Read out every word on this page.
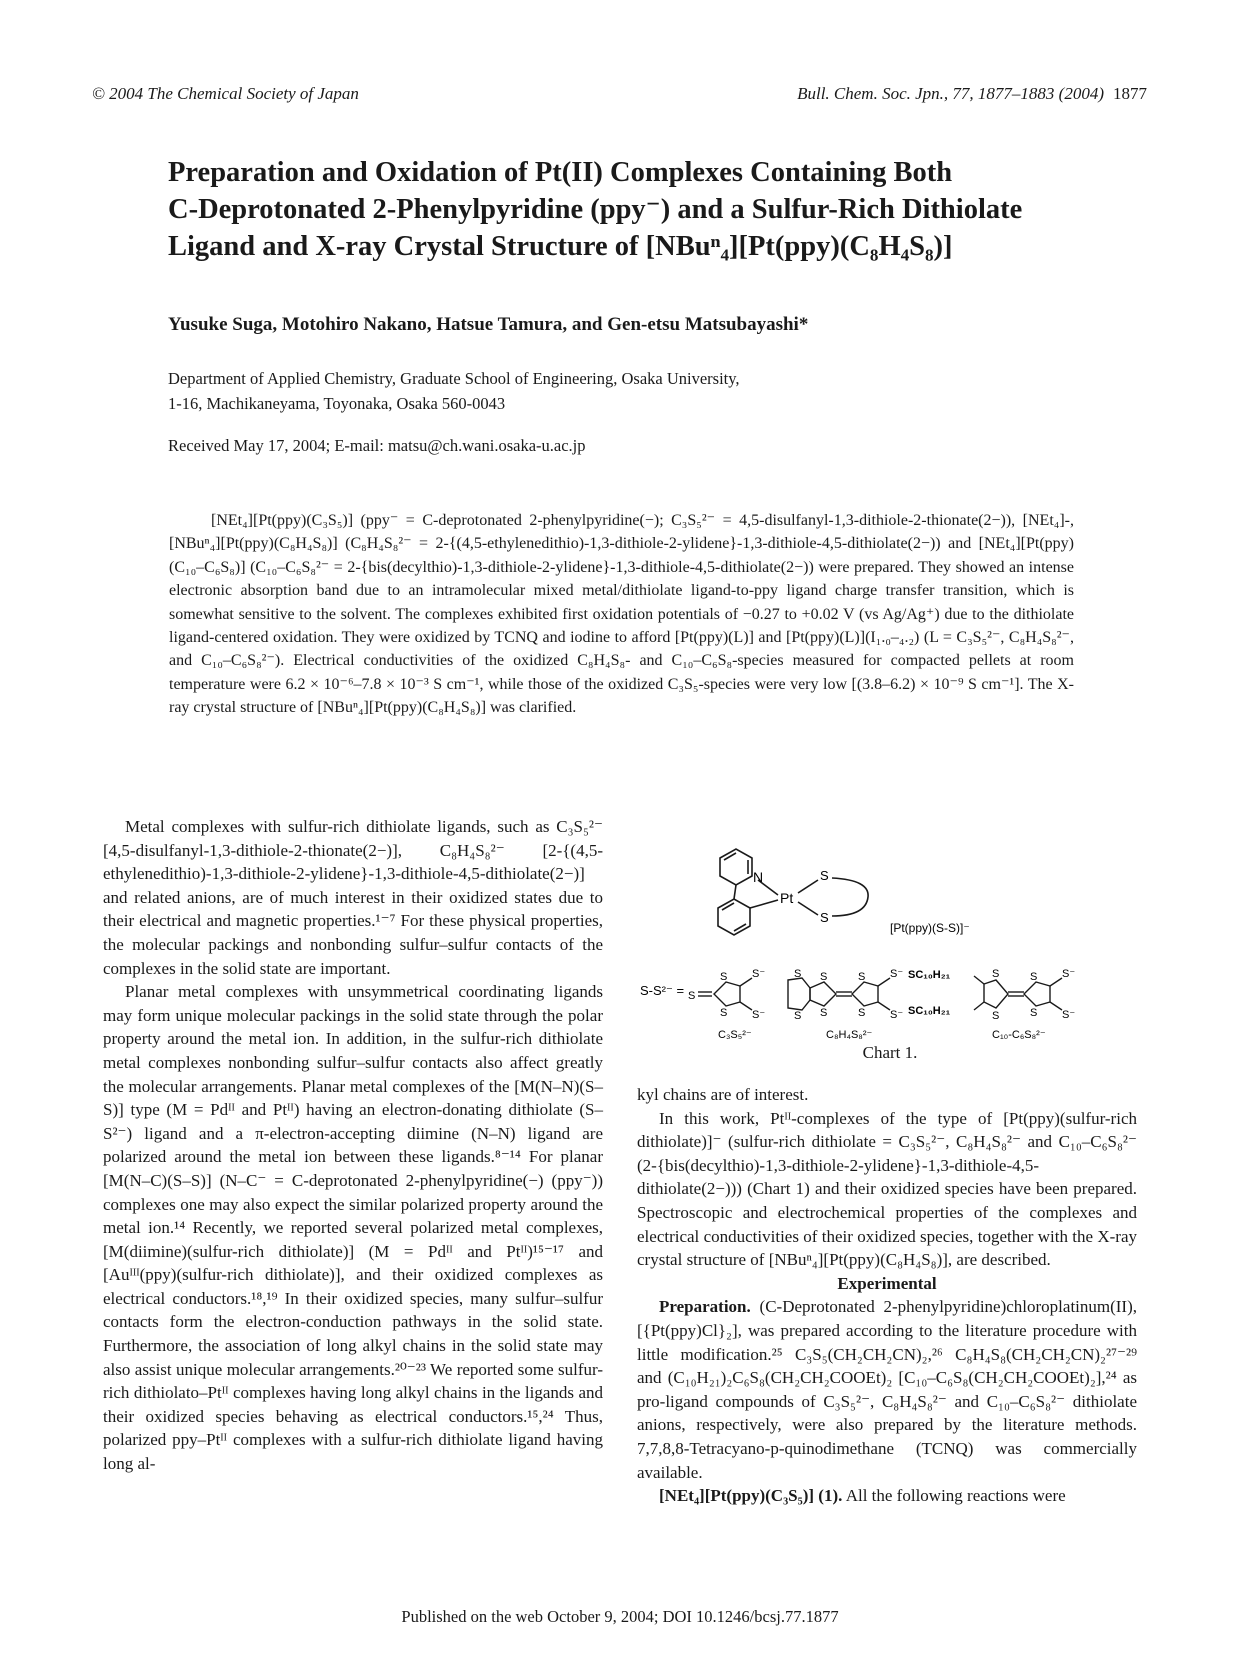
© 2004 The Chemical Society of Japan	Bull. Chem. Soc. Jpn., 77, 1877–1883 (2004) 1877
Preparation and Oxidation of Pt(II) Complexes Containing Both
C-Deprotonated 2-Phenylpyridine (ppy⁻) and a Sulfur-Rich Dithiolate
Ligand and X-ray Crystal Structure of [NBuⁿ₄][Pt(ppy)(C₈H₄S₈)]
Yusuke Suga, Motohiro Nakano, Hatsue Tamura, and Gen-etsu Matsubayashi*
Department of Applied Chemistry, Graduate School of Engineering, Osaka University,
1-16, Machikaneyama, Toyonaka, Osaka 560-0043
Received May 17, 2004; E-mail: matsu@ch.wani.osaka-u.ac.jp

[NEt₄][Pt(ppy)(C₃S₅)] (ppy⁻ = C-deprotonated 2-phenylpyridine(−); C₃S₅²⁻ = 4,5-disulfanyl-1,3-dithiole-2-thionate(2−)), [NEt₄]-, [NBuⁿ₄][Pt(ppy)(C₈H₄S₈)] (C₈H₄S₈²⁻ = 2-{(4,5-ethylenedithio)-1,3-dithiole-2-ylidene}-1,3-dithiole-4,5-dithiolate(2−)) and [NEt₄][Pt(ppy)(C₁₀–C₆S₈)] (C₁₀–C₆S₈²⁻ = 2-{bis(decylthio)-1,3-dithiole-2-ylidene}-1,3-dithiole-4,5-dithiolate(2−)) were prepared. They showed an intense electronic absorption band due to an intramolecular mixed metal/dithiolate ligand-to-ppy ligand charge transfer transition, which is somewhat sensitive to the solvent. The complexes exhibited first oxidation potentials of −0.27 to +0.02 V (vs Ag/Ag⁺) due to the dithiolate ligand-centered oxidation. They were oxidized by TCNQ and iodine to afford [Pt(ppy)(L)] and [Pt(ppy)(L)](I₁.₀–₄.₂) (L = C₃S₅²⁻, C₈H₄S₈²⁻, and C₁₀–C₆S₈²⁻). Electrical conductivities of the oxidized C₈H₄S₈- and C₁₀–C₆S₈-species measured for compacted pellets at room temperature were 6.2 × 10⁻⁶–7.8 × 10⁻³ S cm⁻¹, while those of the oxidized C₃S₅-species were very low [(3.8–6.2) × 10⁻⁹ S cm⁻¹]. The X-ray crystal structure of [NBuⁿ₄][Pt(ppy)(C₈H₄S₈)] was clarified.

Metal complexes with sulfur-rich dithiolate ligands, such as C₃S₅²⁻ [4,5-disulfanyl-1,3-dithiole-2-thionate(2−)], C₈H₄S₈²⁻ [2-{(4,5-ethylenedithio)-1,3-dithiole-2-ylidene}-1,3-dithiole-4,5-dithiolate(2−)] and related anions, are of much interest in their oxidized states due to their electrical and magnetic properties.¹⁻⁷ For these physical properties, the molecular packings and nonbonding sulfur–sulfur contacts of the complexes in the solid state are important.

Planar metal complexes with unsymmetrical coordinating ligands may form unique molecular packings in the solid state through the polar property around the metal ion. In addition, in the sulfur-rich dithiolate metal complexes nonbonding sulfur–sulfur contacts also affect greatly the molecular arrangements. Planar metal complexes of the [M(N–N)(S–S)] type (M = Pdᴵᴵ and Ptᴵᴵ) having an electron-donating dithiolate (S–S²⁻) ligand and a π-electron-accepting diimine (N–N) ligand are polarized around the metal ion between these ligands.⁸⁻¹⁴ For planar [M(N–C)(S–S)] (N–C⁻ = C-deprotonated 2-phenylpyridine(−) (ppy⁻)) complexes one may also expect the similar polarized property around the metal ion.¹⁴ Recently, we reported several polarized metal complexes, [M(diimine)(sulfur-rich dithiolate)] (M = Pdᴵᴵ and Ptᴵᴵ)¹⁵⁻¹⁷ and [Auᴵᴵᴵ(ppy)(sulfur-rich dithiolate)], and their oxidized complexes as electrical conductors.¹⁸,¹⁹ In their oxidized species, many sulfur–sulfur contacts form the electron-conduction pathways in the solid state. Furthermore, the association of long alkyl chains in the solid state may also assist unique molecular arrangements.²⁰⁻²³ We reported some sulfur-rich dithiolato–Ptᴵᴵ complexes having long alkyl chains in the ligands and their oxidized species behaving as electrical conductors.¹⁵,²⁴ Thus, polarized ppy–Ptᴵᴵ complexes with a sulfur-rich dithiolate ligand having long al-

N
Pt
S
S
[Pt(ppy)(S-S)]⁻
S-S²⁻ = S
S
S
S⁻
S⁻
C₃S₅²⁻
S
S
S
S
S
S
S⁻
S⁻
C₈H₄S₈²⁻
SC₁₀H₂₁
SC₁₀H₂₁
S
S
S
S
S⁻
S⁻
C₁₀-C₆S₈²⁻
Chart 1.

kyl chains are of interest.

In this work, Ptᴵᴵ-complexes of the type of [Pt(ppy)(sulfur-rich dithiolate)]⁻ (sulfur-rich dithiolate = C₃S₅²⁻, C₈H₄S₈²⁻ and C₁₀–C₆S₈²⁻ (2-{bis(decylthio)-1,3-dithiole-2-ylidene}-1,3-dithiole-4,5-dithiolate(2−))) (Chart 1) and their oxidized species have been prepared. Spectroscopic and electrochemical properties of the complexes and electrical conductivities of their oxidized species, together with the X-ray crystal structure of [NBuⁿ₄][Pt(ppy)(C₈H₄S₈)], are described.

Experimental

Preparation. (C-Deprotonated 2-phenylpyridine)chloroplatinum(II), [{Pt(ppy)Cl}₂], was prepared according to the literature procedure with little modification.²⁵ C₃S₅(CH₂CH₂CN)₂,²⁶ C₈H₄S₈(CH₂CH₂CN)₂²⁷⁻²⁹ and (C₁₀H₂₁)₂C₆S₈(CH₂CH₂COOEt)₂ [C₁₀–C₆S₈(CH₂CH₂COOEt)₂],²⁴ as pro-ligand compounds of C₃S₅²⁻, C₈H₄S₈²⁻ and C₁₀–C₆S₈²⁻ dithiolate anions, respectively, were also prepared by the literature methods. 7,7,8,8-Tetracyano-p-quinodimethane (TCNQ) was commercially available.

[NEt₄][Pt(ppy)(C₃S₅)] (1). All the following reactions were

Published on the web October 9, 2004; DOI 10.1246/bcsj.77.1877
